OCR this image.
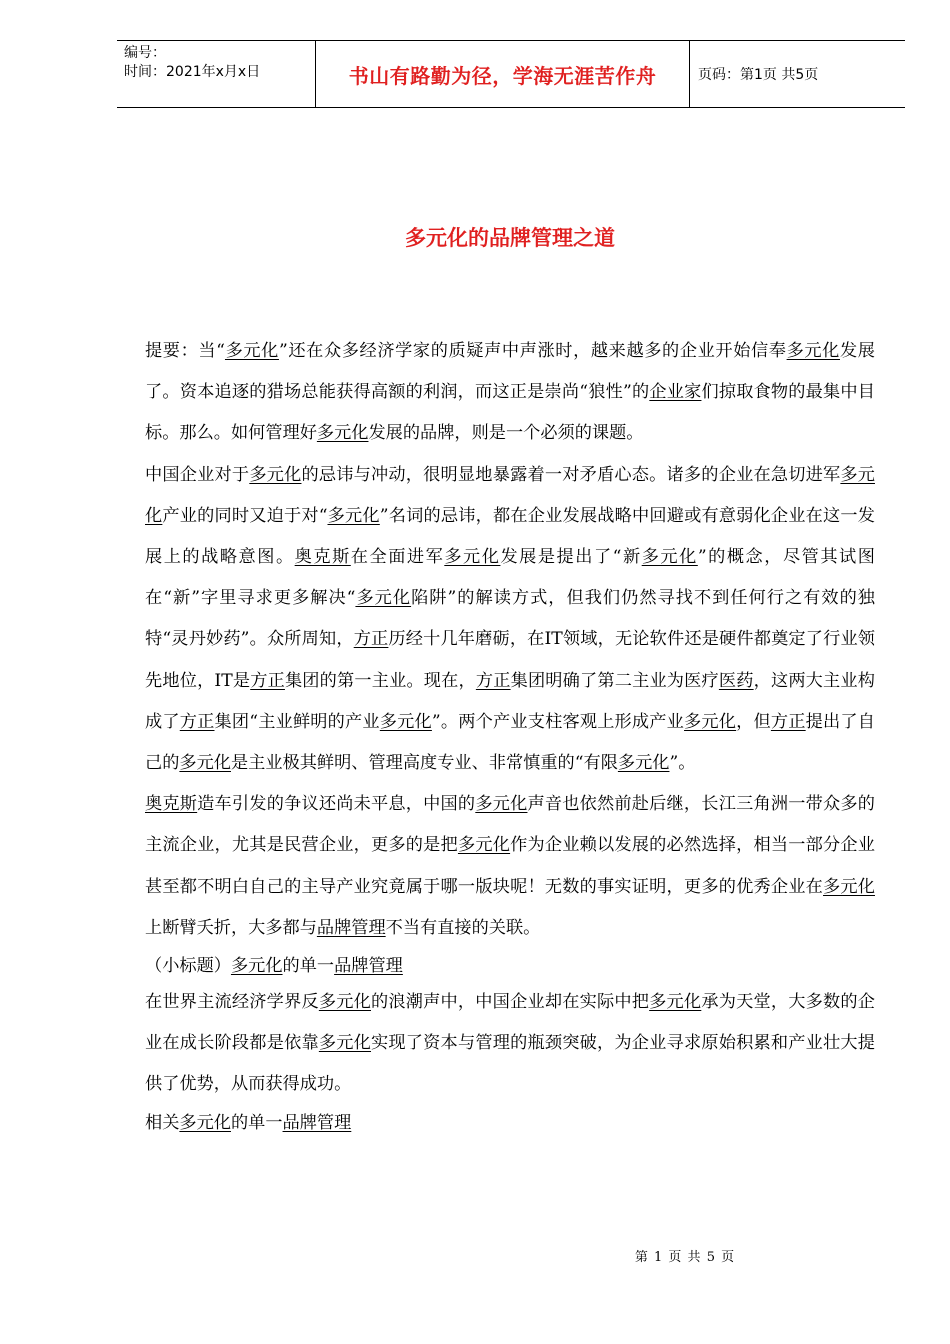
编号：
时间：2021年x月x日	书山有路勤为径，学海无涯苦作舟	页码：第1页 共5页
多元化的品牌管理之道

提要：当“多元化”还在众多经济学家的质疑声中声涨时，越来越多的企业开始信奉多元化发展了。资本追逐的猎场总能获得高额的利润，而这正是崇尚“狼性”的企业家们掠取食物的最集中目标。那么。如何管理好多元化发展的品牌，则是一个必须的课题。

中国企业对于多元化的忌讳与冲动，很明显地暴露着一对矛盾心态。诸多的企业在急切进军多元化产业的同时又迫于对“多元化”名词的忌讳，都在企业发展战略中回避或有意弱化企业在这一发展上的战略意图。奥克斯在全面进军多元化发展是提出了“新多元化”的概念，尽管其试图在“新”字里寻求更多解决“多元化陷阱”的解读方式，但我们仍然寻找不到任何行之有效的独特“灵丹妙药”。众所周知，方正历经十几年磨砺，在IT领域，无论软件还是硬件都奠定了行业领先地位，IT是方正集团的第一主业。现在，方正集团明确了第二主业为医疗医药，这两大主业构成了方正集团“主业鲜明的产业多元化”。两个产业支柱客观上形成产业多元化，但方正提出了自己的多元化是主业极其鲜明、管理高度专业、非常慎重的“有限多元化”。

奥克斯造车引发的争议还尚未平息，中国的多元化声音也依然前赴后继，长江三角洲一带众多的主流企业，尤其是民营企业，更多的是把多元化作为企业赖以发展的必然选择，相当一部分企业甚至都不明白自己的主导产业究竟属于哪一版块呢！无数的事实证明，更多的优秀企业在多元化上断臂夭折，大多都与品牌管理不当有直接的关联。

（小标题）多元化的单一品牌管理

在世界主流经济学界反多元化的浪潮声中，中国企业却在实际中把多元化承为天堂，大多数的企业在成长阶段都是依靠多元化实现了资本与管理的瓶颈突破，为企业寻求原始积累和产业壮大提供了优势，从而获得成功。

相关多元化的单一品牌管理

第 1 页 共 5 页
